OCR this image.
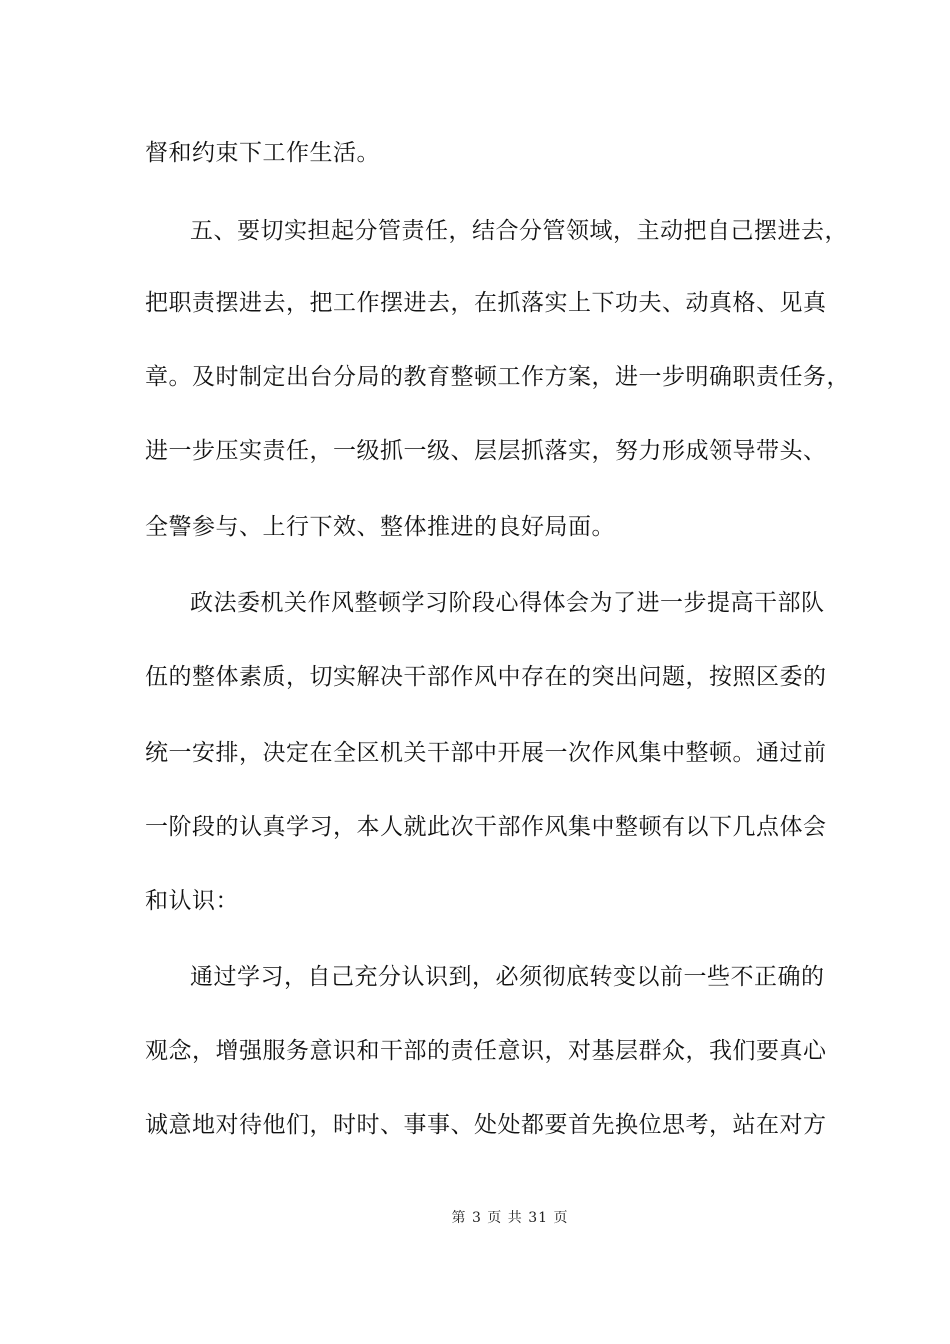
督和约束下工作生活。
五、要切实担起分管责任，结合分管领域，主动把自己摆进去，
把职责摆进去，把工作摆进去，在抓落实上下功夫、动真格、见真
章。及时制定出台分局的教育整顿工作方案，进一步明确职责任务，
进一步压实责任，一级抓一级、层层抓落实，努力形成领导带头、
全警参与、上行下效、整体推进的良好局面。
政法委机关作风整顿学习阶段心得体会为了进一步提高干部队
伍的整体素质，切实解决干部作风中存在的突出问题，按照区委的
统一安排，决定在全区机关干部中开展一次作风集中整顿。通过前
一阶段的认真学习，本人就此次干部作风集中整顿有以下几点体会
和认识：
通过学习，自己充分认识到，必须彻底转变以前一些不正确的
观念，增强服务意识和干部的责任意识，对基层群众，我们要真心
诚意地对待他们，时时、事事、处处都要首先换位思考，站在对方
第 3 页 共 31 页
